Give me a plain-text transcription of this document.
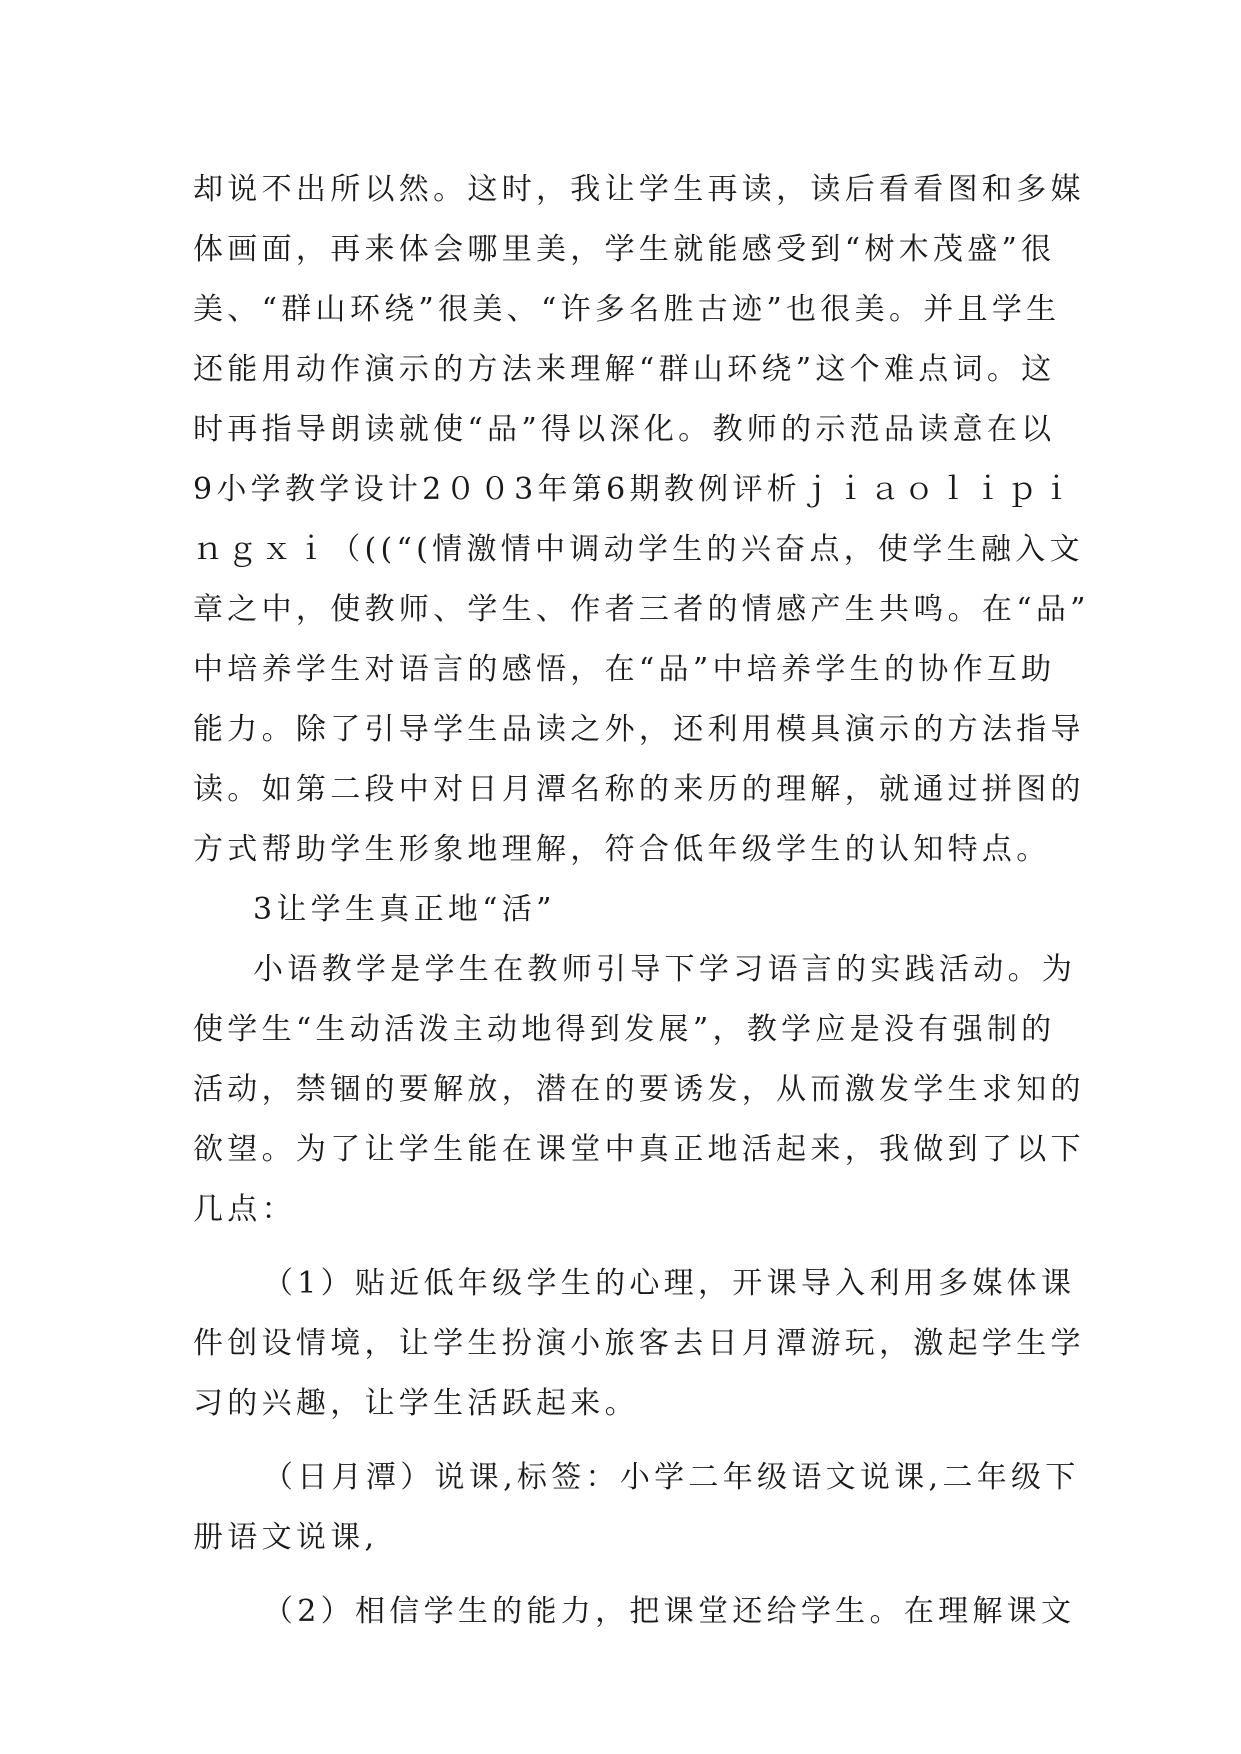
却说不出所以然。这时，我让学生再读，读后看看图和多媒
体画面，再来体会哪里美，学生就能感受到“树木茂盛”很
美、“群山环绕”很美、“许多名胜古迹”也很美。并且学生
还能用动作演示的方法来理解“群山环绕”这个难点词。这
时再指导朗读就使“品”得以深化。教师的示范品读意在以
9小学教学设计2００3年第6期教例评析ｊｉａｏｌｉｐｉ
ｎｇｘｉ（((“(情激情中调动学生的兴奋点，使学生融入文
章之中，使教师、学生、作者三者的情感产生共鸣。在“品”
中培养学生对语言的感悟，在“品”中培养学生的协作互助
能力。除了引导学生品读之外，还利用模具演示的方法指导
读。如第二段中对日月潭名称的来历的理解，就通过拼图的
方式帮助学生形象地理解，符合低年级学生的认知特点。
3让学生真正地“活”
小语教学是学生在教师引导下学习语言的实践活动。为
使学生“生动活泼主动地得到发展”，教学应是没有强制的
活动，禁锢的要解放，潜在的要诱发，从而激发学生求知的
欲望。为了让学生能在课堂中真正地活起来，我做到了以下
几点：
（1）贴近低年级学生的心理，开课导入利用多媒体课
件创设情境，让学生扮演小旅客去日月潭游玩，激起学生学
习的兴趣，让学生活跃起来。
（日月潭）说课,标签：小学二年级语文说课,二年级下
册语文说课,
（2）相信学生的能力，把课堂还给学生。在理解课文
